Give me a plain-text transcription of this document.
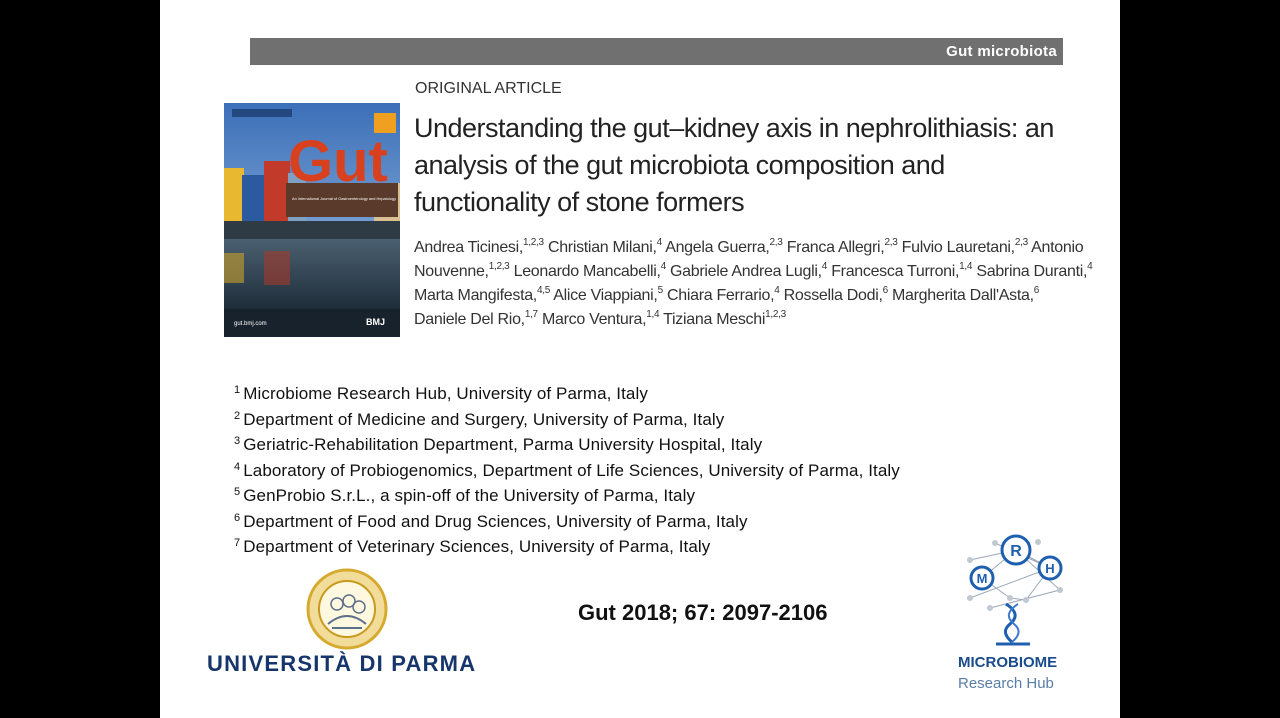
Gut microbiota
Gut
An International Journal of Gastroenterology and Hepatology
gut.bmj.com	BMJ
ORIGINAL ARTICLE
Understanding the gut–kidney axis in nephrolithiasis: an analysis of the gut microbiota composition and functionality of stone formers
Andrea Ticinesi,$^{1,2,3}$ Christian Milani,$^4$ Angela Guerra,$^{2,3}$ Franca Allegri,$^{2,3}$ Fulvio Lauretani,$^{2,3}$ Antonio Nouvenne,$^{1,2,3}$ Leonardo Mancabelli,$^4$ Gabriele Andrea Lugli,$^4$ Francesca Turroni,$^{1,4}$ Sabrina Duranti,$^4$ Marta Mangifesta,$^{4,5}$ Alice Viappiani,$^5$ Chiara Ferrario,$^4$ Rossella Dodi,$^6$ Margherita Dall'Asta,$^6$ Daniele Del Rio,$^{1,7}$ Marco Ventura,$^{1,4}$ Tiziana Meschi$^{1,2,3}$
$^1$ Microbiome Research Hub, University of Parma, Italy
$^2$ Department of Medicine and Surgery, University of Parma, Italy
$^3$ Geriatric-Rehabilitation Department, Parma University Hospital, Italy
$^4$ Laboratory of Probiogenomics, Department of Life Sciences, University of Parma, Italy
$^5$ GenProbio S.r.L., a spin-off of the University of Parma, Italy
$^6$ Department of Food and Drug Sciences, University of Parma, Italy
$^7$ Department of Veterinary Sciences, University of Parma, Italy
Gut 2018; 67: 2097-2106
UNIVERSITÀ DI PARMA
M
R
H
MICROBIOME
Research Hub
